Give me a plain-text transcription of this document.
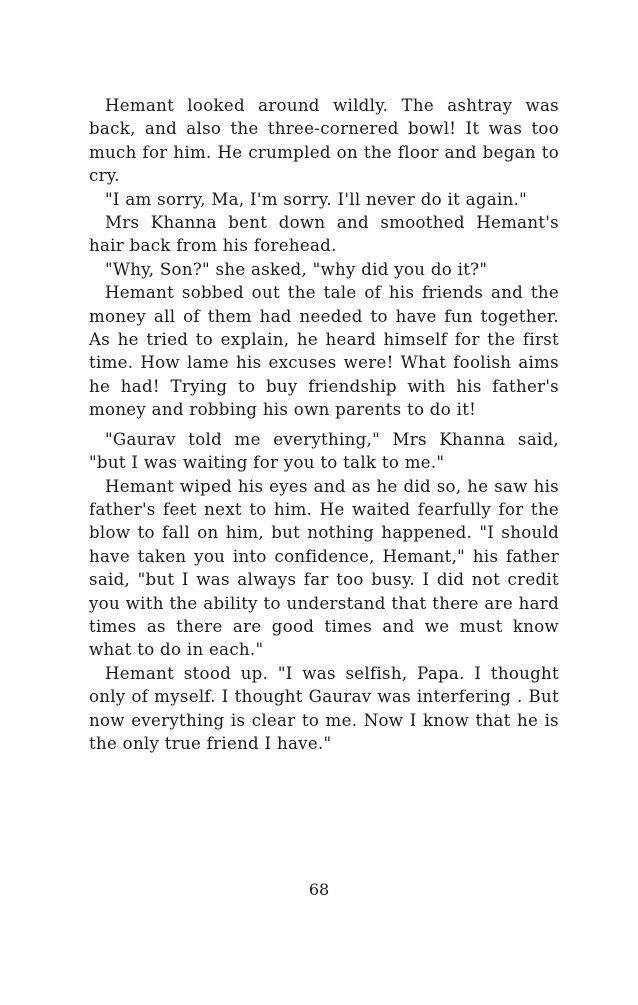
Hemant looked around wildly. The ashtray was back, and also the three-cornered bowl! It was too much for him. He crumpled on the floor and began to cry.

"I am sorry, Ma, I'm sorry. I'll never do it again."

Mrs Khanna bent down and smoothed Hemant's hair back from his forehead.

"Why, Son?" she asked, "why did you do it?"

Hemant sobbed out the tale of his friends and the money all of them had needed to have fun together. As he tried to explain, he heard himself for the first time. How lame his excuses were! What foolish aims he had! Trying to buy friendship with his father's money and robbing his own parents to do it!

"Gaurav told me everything," Mrs Khanna said, "but I was waiting for you to talk to me."

Hemant wiped his eyes and as he did so, he saw his father's feet next to him. He waited fearfully for the blow to fall on him, but nothing happened. "I should have taken you into confidence, Hemant," his father said, "but I was always far too busy. I did not credit you with the ability to understand that there are hard times as there are good times and we must know what to do in each."

Hemant stood up. "I was selfish, Papa. I thought only of myself. I thought Gaurav was interfering . But now everything is clear to me. Now I know that he is the only true friend I have."

68
